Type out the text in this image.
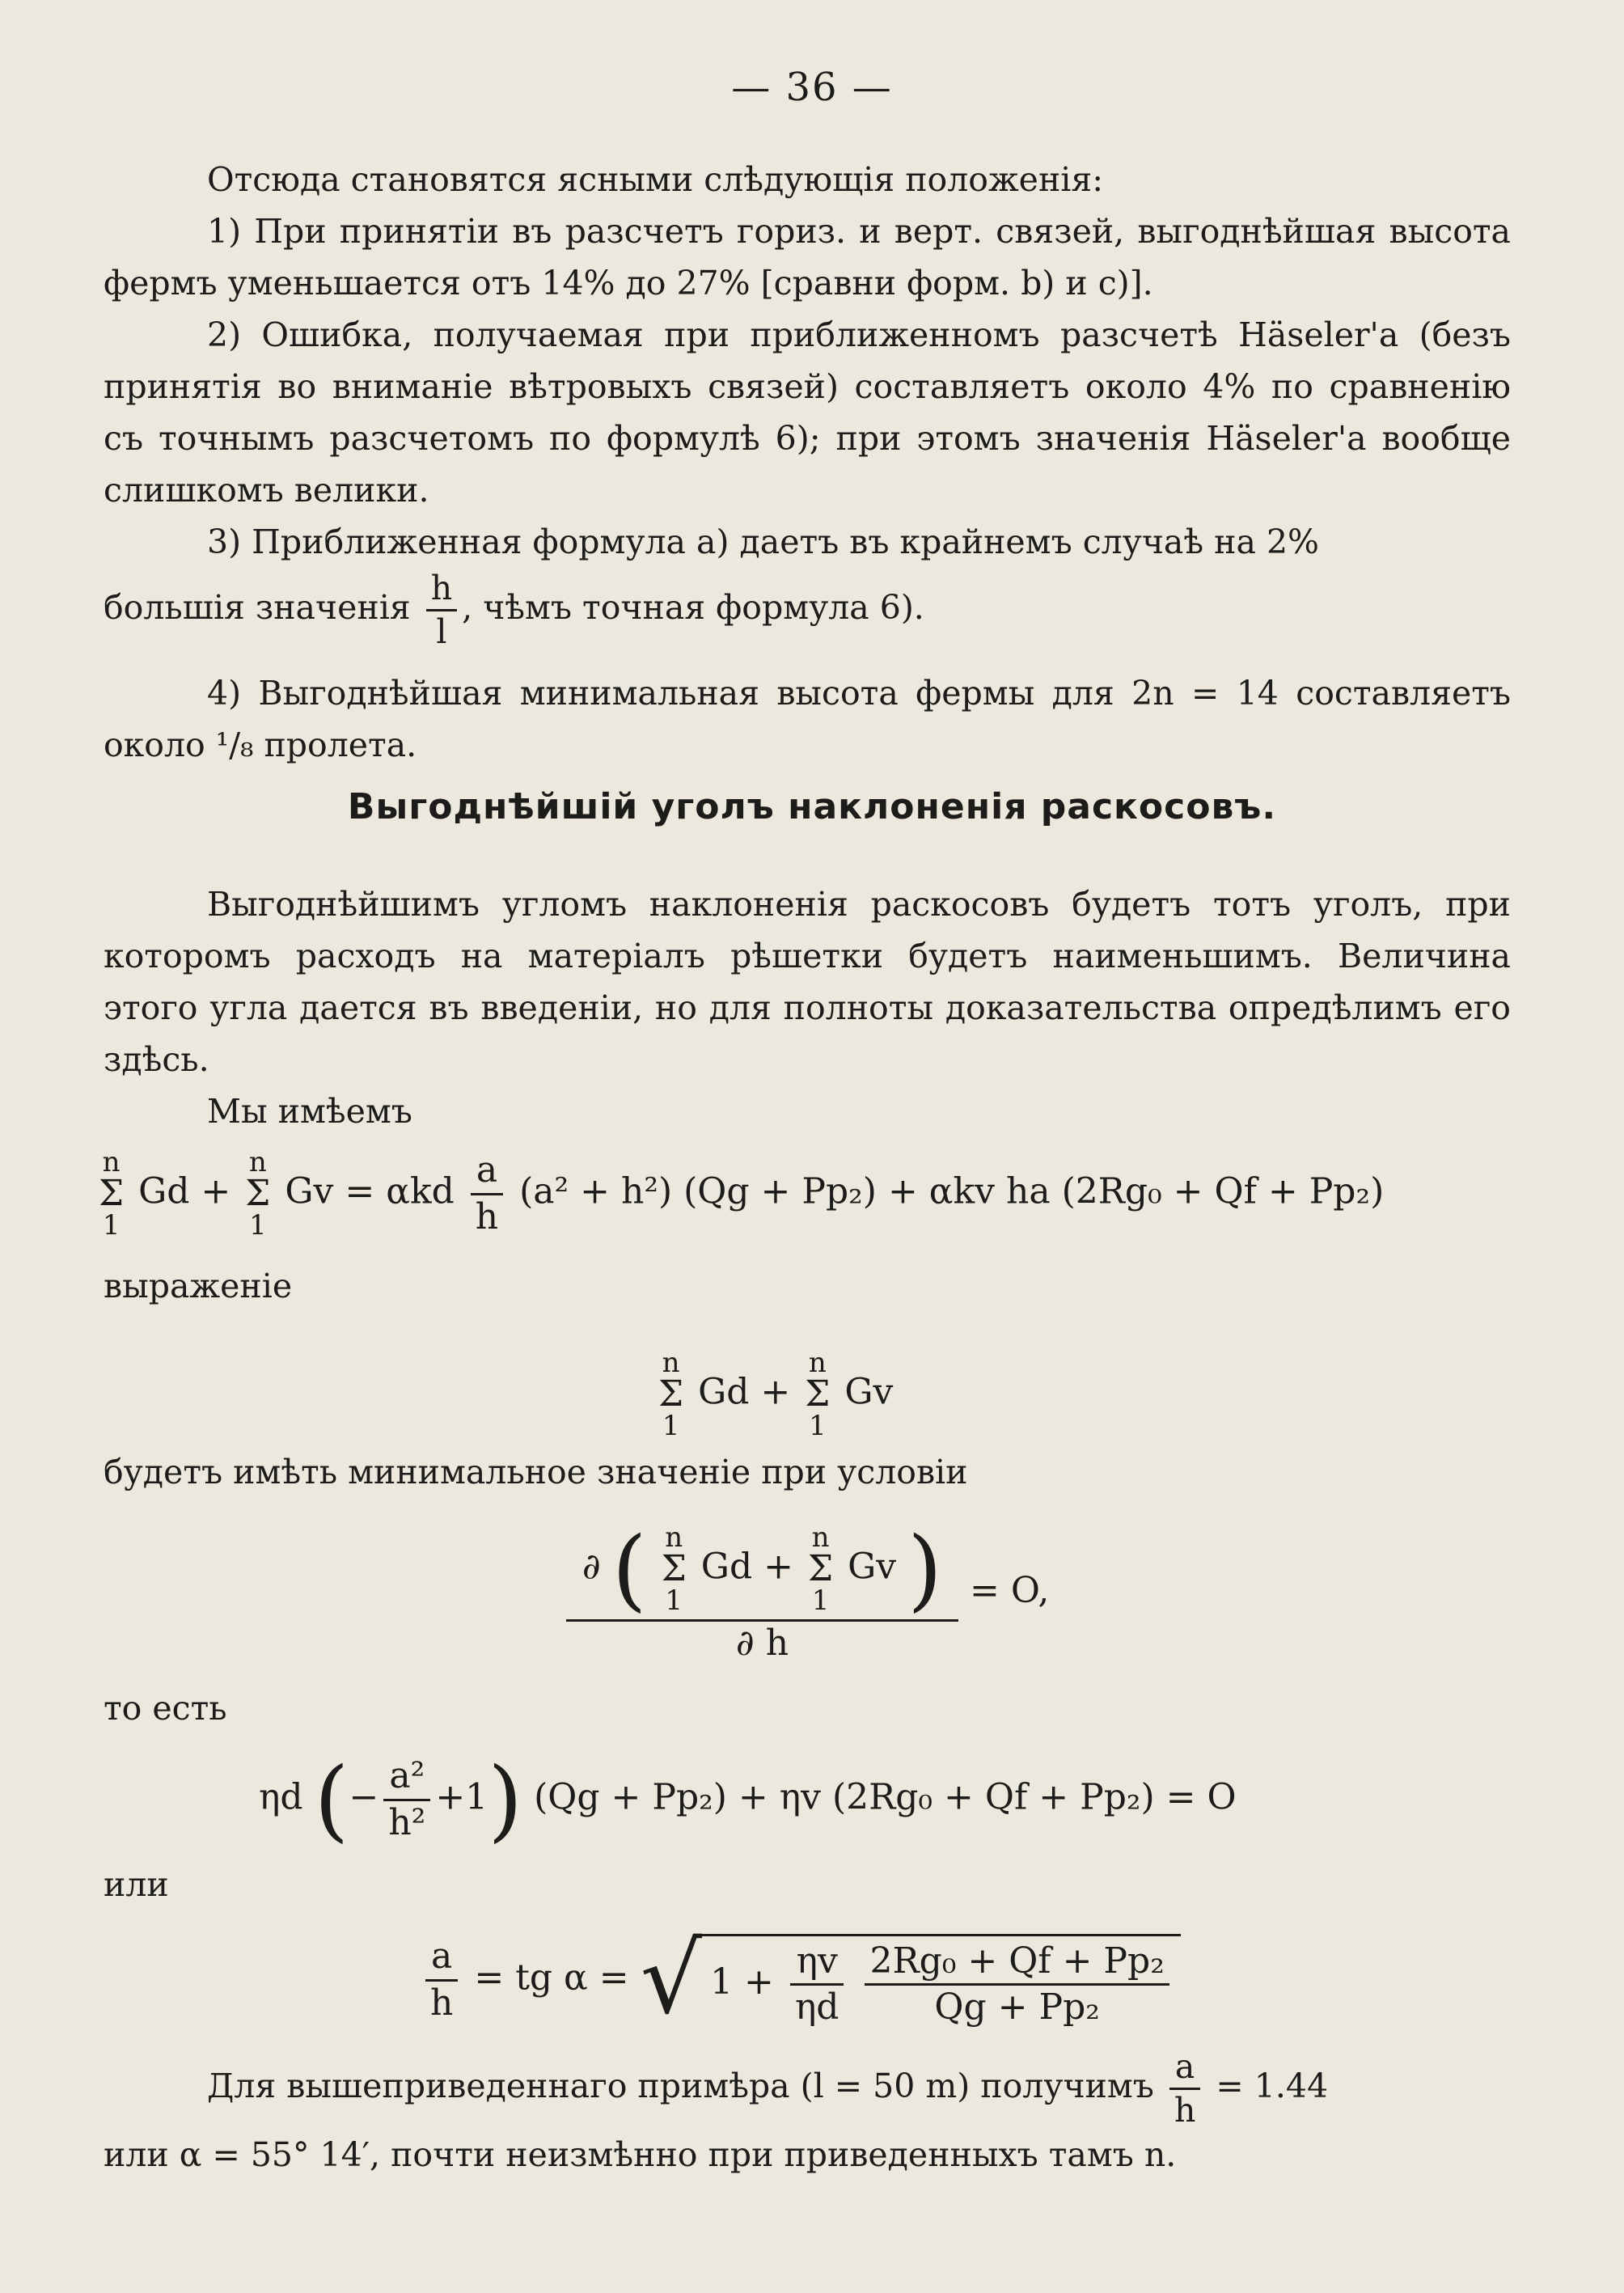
— 36 —

Отсюда становятся ясными слѣдующія положенія:

1) При принятіи въ разсчетъ гориз. и верт. связей, выгоднѣйшая высота фермъ уменьшается отъ 14% до 27% [сравни форм. b) и c)].

2) Ошибка, получаемая при приближенномъ разсчетѣ Häseler'а (безъ принятія во вниманіе вѣтровыхъ связей) составляетъ около 4% по сравненію съ точнымъ разсчетомъ по формулѣ 6); при этомъ значенія Häseler'а вообще слишкомъ велики.

3) Приближенная формула a) даетъ въ крайнемъ случаѣ на 2%

большія значенія $\frac{h}{l}$ , чѣмъ точная формула 6).

4) Выгоднѣйшая минимальная высота фермы для 2n = 14 составляетъ около ¹/₈ пролета.

Выгоднѣйшій уголъ наклоненія раскосовъ.

Выгоднѣйшимъ угломъ наклоненія раскосовъ будетъ тотъ уголъ, при которомъ расходъ на матеріалъ рѣшетки будетъ наименьшимъ. Величина этого угла дается въ введеніи, но для полноты доказательства опредѣлимъ его здѣсь.

Мы имѣемъ

n
Σ
1
Gd +
n
Σ
1
Gv = αkd $\frac{a}{h} (a^2 + h^2) (Qg + Pp_2) + \alpha kv$ ha (2Rg₀ + Qf + Pp₂)
выраженіе
n
Σ
1
Gd +
n
Σ
1
Gv
будетъ имѣть минимальное значеніе при условіи
∂ ( n
Σ
1
Gd +
n
Σ
1
Gv )
∂ h
= O,
то есть
ηd (− $\frac{\text{a²}}{\text{h²}} +1$) (Qg + Pp₂) + ηv (2Rg₀ + Qf + Pp₂) = O
или
$\frac{a}{h}$ = tg α = √ $1 + \frac{\eta v}{\eta d}$
$\frac{\text{2Rg₀ + Qf + Pp₂}}{\text{Qg + Pp₂}}$
Для вышеприведеннаго примѣра (l = 50 m) получимъ $\frac{a}{h} = 1.44$
или α = 55° 14′, почти неизмѣнно при приведенныхъ тамъ n.
